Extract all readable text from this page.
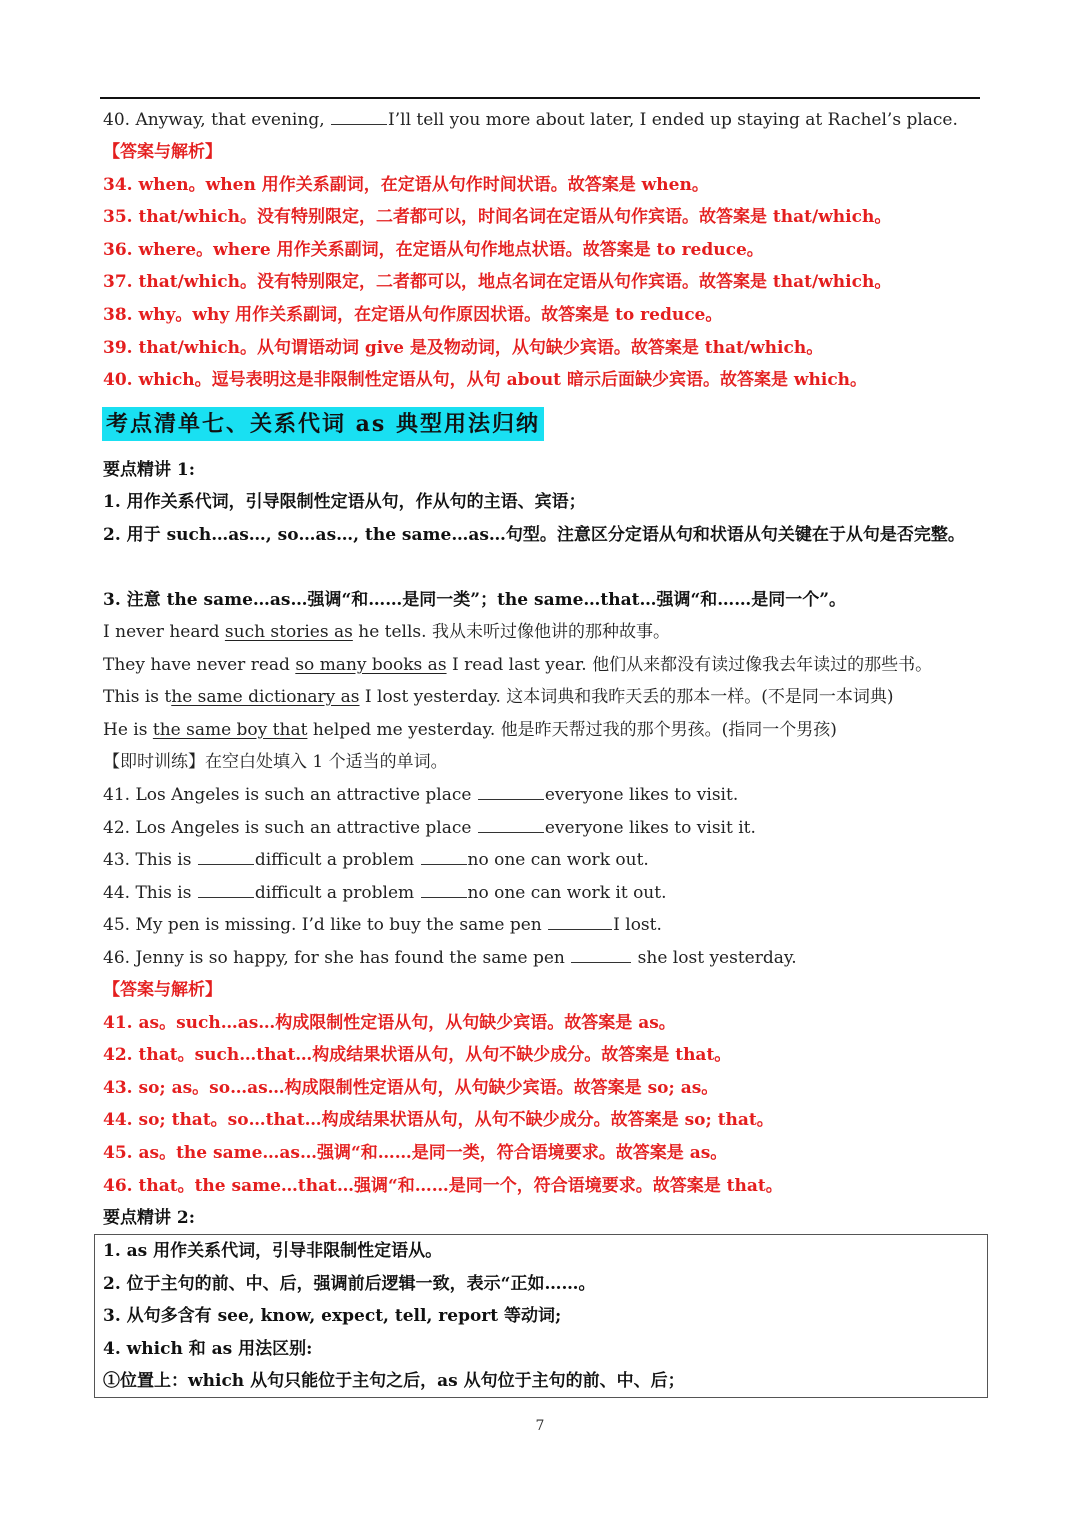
40. Anyway, that evening,	I’ll tell you more about later, I ended up staying at Rachel’s place.
【答案与解析】
34. when。when 用作关系副词，在定语从句作时间状语。故答案是 when。
35. that/which。没有特别限定，二者都可以，时间名词在定语从句作宾语。故答案是 that/which。
36. where。where 用作关系副词，在定语从句作地点状语。故答案是 to reduce。
37. that/which。没有特别限定，二者都可以，地点名词在定语从句作宾语。故答案是 that/which。
38. why。why 用作关系副词，在定语从句作原因状语。故答案是 to reduce。
39. that/which。从句谓语动词 give 是及物动词，从句缺少宾语。故答案是 that/which。
40. which。逗号表明这是非限制性定语从句，从句 about 暗示后面缺少宾语。故答案是 which。
考点清单七、关系代词 as 典型用法归纳
要点精讲 1:
1. 用作关系代词，引导限制性定语从句，作从句的主语、宾语；
2. 用于 such…as…, so…as…, the same…as…句型。注意区分定语从句和状语从句关键在于从句是否完整。
3. 注意 the same…as…强调“和……是同一类”；the same…that…强调“和……是同一个”。
I never heard such stories as he tells. 我从未听过像他讲的那种故事。
They have never read so many books as I read last year. 他们从来都没有读过像我去年读过的那些书。
This is the same dictionary as I lost yesterday. 这本词典和我昨天丢的那本一样。(不是同一本词典)
He is the same boy that helped me yesterday. 他是昨天帮过我的那个男孩。(指同一个男孩)
【即时训练】在空白处填入 1 个适当的单词。
41. Los Angeles is such an attractive place	everyone likes to visit.
42. Los Angeles is such an attractive place	everyone likes to visit it.
43. This is	difficult a problem	no one can work out.
44. This is	difficult a problem	no one can work it out.
45. My pen is missing. I’d like to buy the same pen	I lost.
46. Jenny is so happy, for she has found the same pen	she lost yesterday.
【答案与解析】
41. as。such…as…构成限制性定语从句，从句缺少宾语。故答案是 as。
42. that。such…that…构成结果状语从句，从句不缺少成分。故答案是 that。
43. so; as。so…as…构成限制性定语从句，从句缺少宾语。故答案是 so; as。
44. so; that。so…that…构成结果状语从句，从句不缺少成分。故答案是 so; that。
45. as。the same…as…强调“和……是同一类，符合语境要求。故答案是 as。
46. that。the same…that…强调“和……是同一个，符合语境要求。故答案是 that。
要点精讲 2:
1. as 用作关系代词，引导非限制性定语从。
2. 位于主句的前、中、后，强调前后逻辑一致，表示“正如……。
3. 从句多含有 see, know, expect, tell, report 等动词;
4. which 和 as 用法区别:
①位置上：which 从句只能位于主句之后，as 从句位于主句的前、中、后；
7
